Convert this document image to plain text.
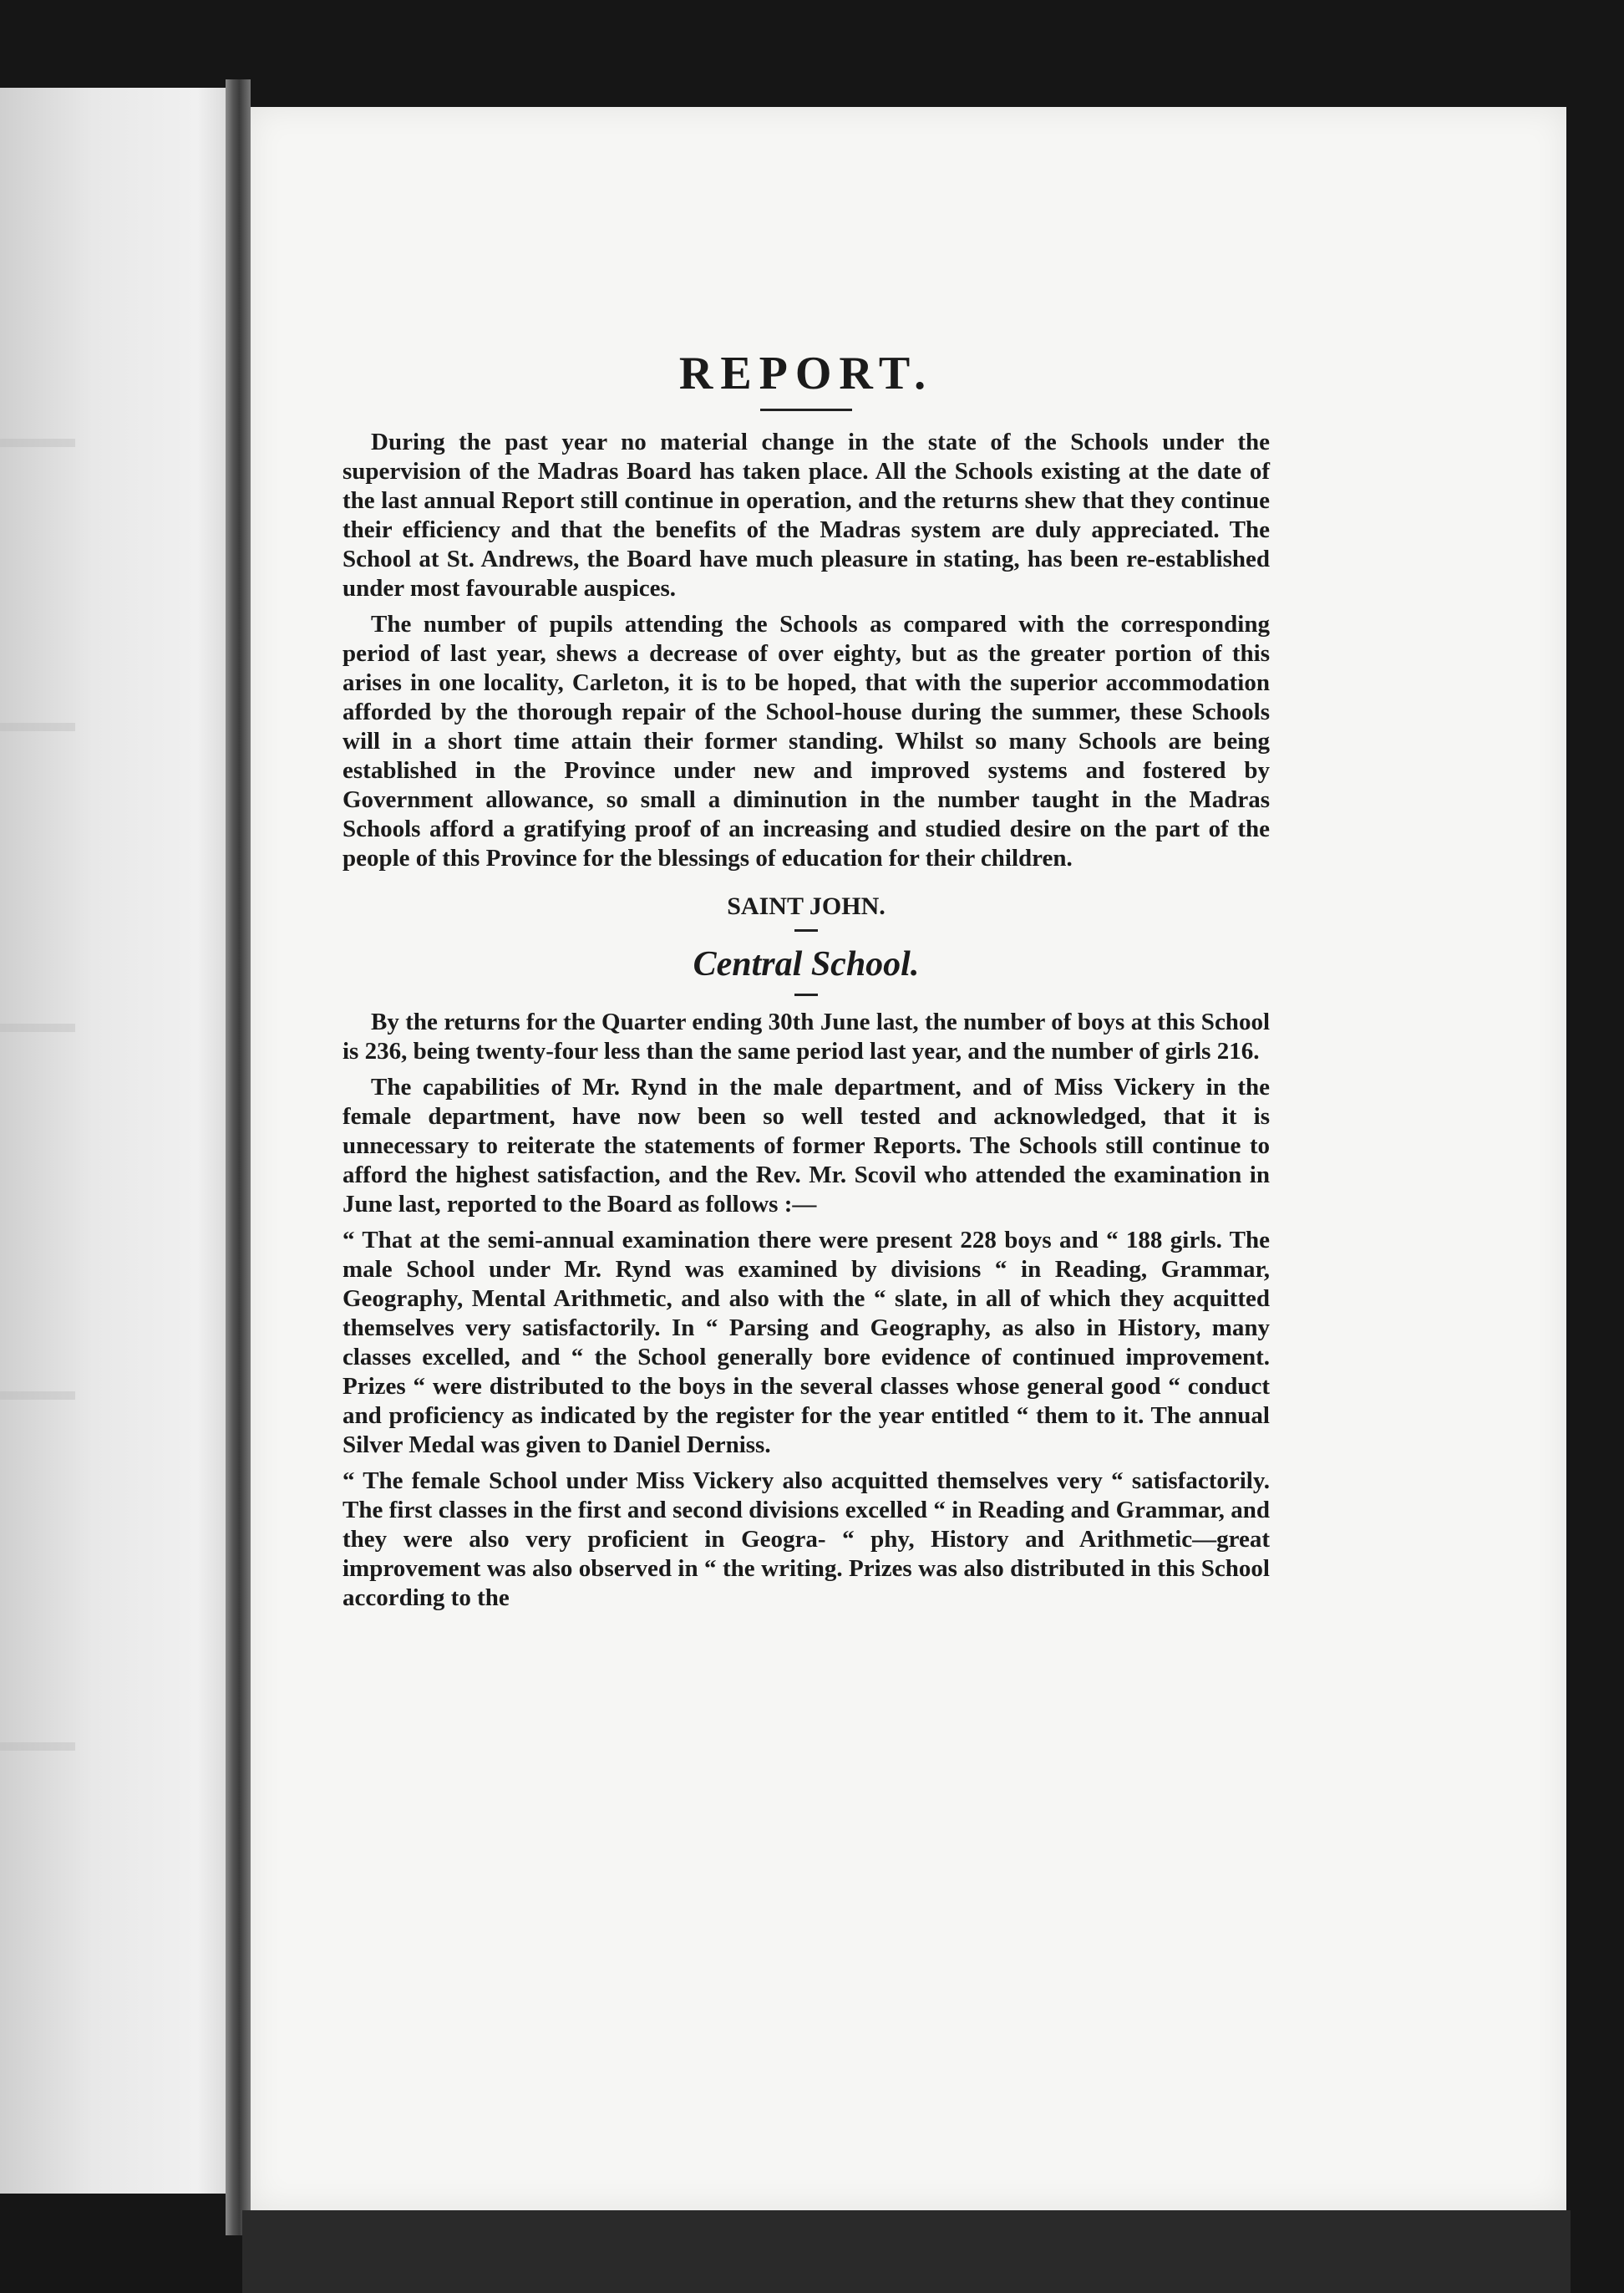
REPORT.

During the past year no material change in the state of the Schools under the supervision of the Madras Board has taken place. All the Schools existing at the date of the last annual Report still continue in operation, and the returns shew that they continue their efficiency and that the benefits of the Madras system are duly appreciated. The School at St. Andrews, the Board have much pleasure in stating, has been re-established under most favourable auspices.

The number of pupils attending the Schools as compared with the corresponding period of last year, shews a decrease of over eighty, but as the greater portion of this arises in one locality, Carleton, it is to be hoped, that with the superior accommodation afforded by the thorough repair of the School-house during the summer, these Schools will in a short time attain their former standing. Whilst so many Schools are being established in the Province under new and improved systems and fostered by Government allowance, so small a diminution in the number taught in the Madras Schools afford a gratifying proof of an increasing and studied desire on the part of the people of this Province for the blessings of education for their children.

SAINT JOHN.
Central School.

By the returns for the Quarter ending 30th June last, the number of boys at this School is 236, being twenty-four less than the same period last year, and the number of girls 216.

The capabilities of Mr. Rynd in the male department, and of Miss Vickery in the female department, have now been so well tested and acknowledged, that it is unnecessary to reiterate the statements of former Reports. The Schools still continue to afford the highest satisfaction, and the Rev. Mr. Scovil who attended the examination in June last, reported to the Board as follows :—

“ That at the semi-annual examination there were present 228 boys and “ 188 girls. The male School under Mr. Rynd was examined by divisions “ in Reading, Grammar, Geography, Mental Arithmetic, and also with the “ slate, in all of which they acquitted themselves very satisfactorily. In “ Parsing and Geography, as also in History, many classes excelled, and “ the School generally bore evidence of continued improvement. Prizes “ were distributed to the boys in the several classes whose general good “ conduct and proficiency as indicated by the register for the year entitled “ them to it. The annual Silver Medal was given to Daniel Derniss.

“ The female School under Miss Vickery also acquitted themselves very “ satisfactorily. The first classes in the first and second divisions excelled “ in Reading and Grammar, and they were also very proficient in Geogra- “ phy, History and Arithmetic—great improvement was also observed in “ the writing. Prizes was also distributed in this School according to the
